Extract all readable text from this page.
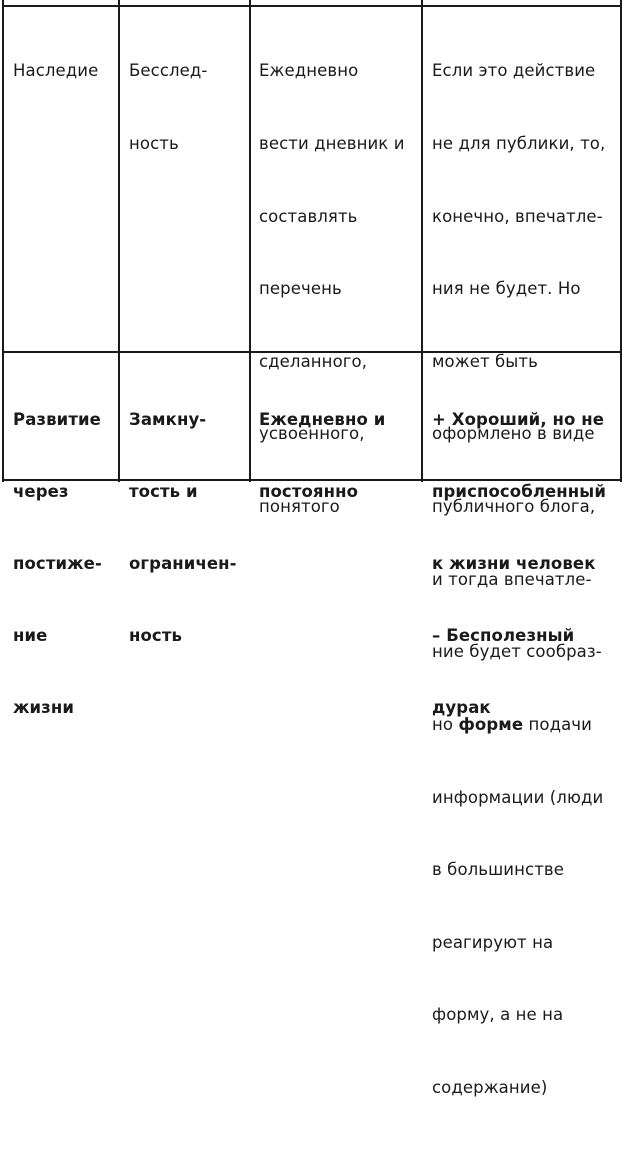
Наследие

Бесслед-

ность

Ежедневно

вести дневник и

составлять

перечень

сделанного,

усвоенного,

понятого

Если это действие

не для публики, то,

конечно, впечатле-

ния не будет. Но

может быть

оформлено в виде

публичного блога,

и тогда впечатле-

ние будет сообраз-

но форме подачи

информации (люди

в большинстве

реагируют на

форму, а не на

содержание)

Развитие

через

постиже-

ние

жизни

Замкну-

тость и

ограничен-

ность

Ежедневно и

постоянно

+ Хороший, но не

приспособленный

к жизни человек

– Бесполезный

дурак
